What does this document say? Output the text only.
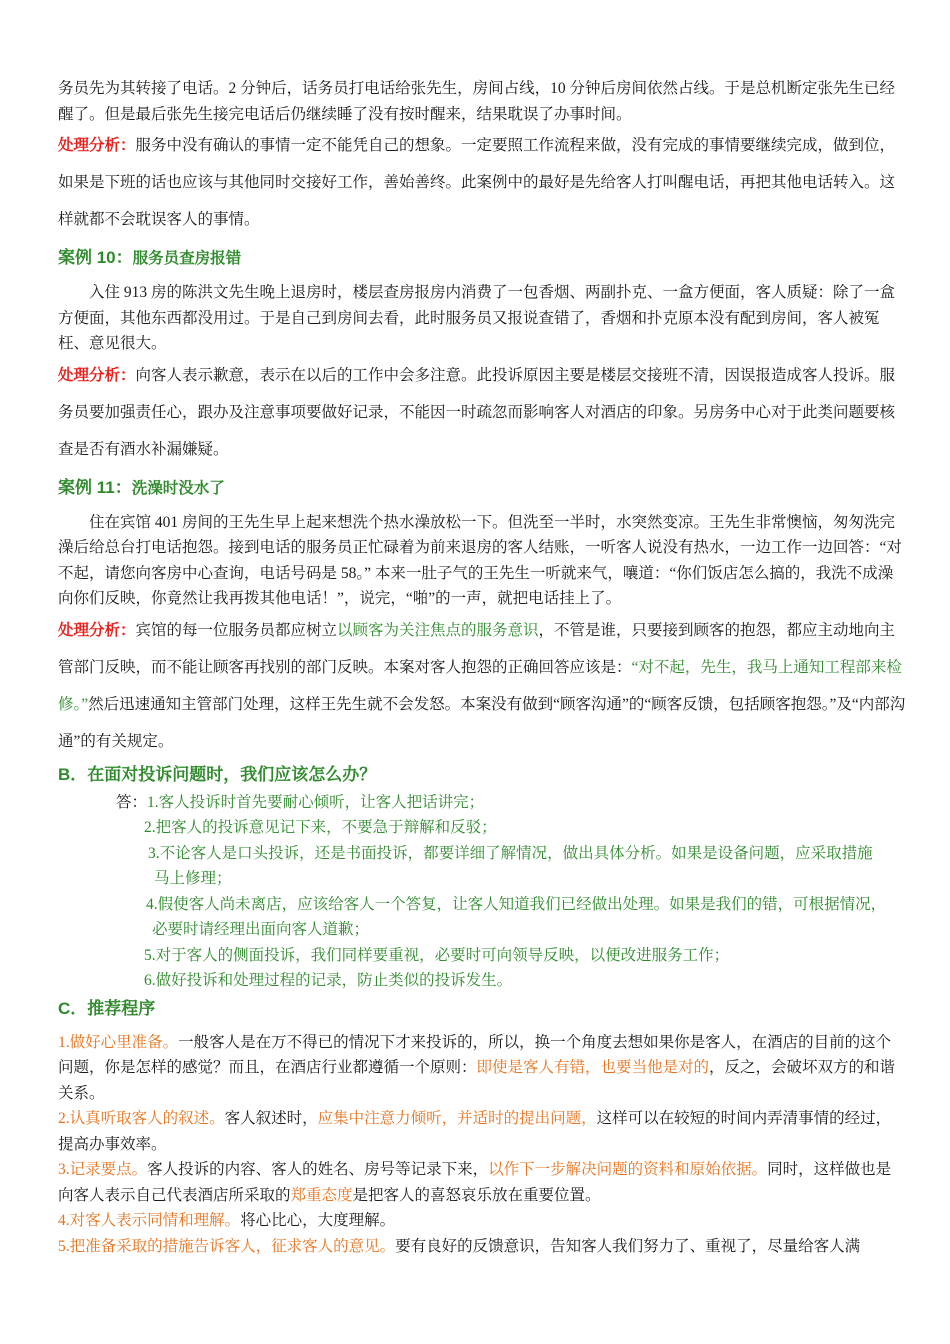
务员先为其转接了电话。2 分钟后，话务员打电话给张先生，房间占线，10 分钟后房间依然占线。于是总机断定张先生已经醒了。但是最后张先生接完电话后仍继续睡了没有按时醒来，结果耽误了办事时间。

处理分析：服务中没有确认的事情一定不能凭自己的想象。一定要照工作流程来做，没有完成的事情要继续完成，做到位，如果是下班的话也应该与其他同时交接好工作，善始善终。此案例中的最好是先给客人打叫醒电话，再把其他电话转入。这样就都不会耽误客人的事情。

案例 10：服务员查房报错

入住 913 房的陈洪文先生晚上退房时，楼层查房报房内消费了一包香烟、两副扑克、一盒方便面，客人质疑：除了一盒方便面，其他东西都没用过。于是自己到房间去看，此时服务员又报说查错了，香烟和扑克原本没有配到房间，客人被冤枉、意见很大。

处理分析：向客人表示歉意，表示在以后的工作中会多注意。此投诉原因主要是楼层交接班不清，因误报造成客人投诉。服务员要加强责任心，跟办及注意事项要做好记录，不能因一时疏忽而影响客人对酒店的印象。另房务中心对于此类问题要核查是否有酒水补漏嫌疑。

案例 11：洗澡时没水了

住在宾馆 401 房间的王先生早上起来想洗个热水澡放松一下。但洗至一半时，水突然变凉。王先生非常懊恼，匆匆洗完澡后给总台打电话抱怨。接到电话的服务员正忙碌着为前来退房的客人结账，一听客人说没有热水，一边工作一边回答：“对不起，请您向客房中心查询，电话号码是 58。” 本来一肚子气的王先生一听就来气，嚷道：“你们饭店怎么搞的，我洗不成澡向你们反映，你竟然让我再拨其他电话！”，说完，“啪”的一声，就把电话挂上了。

处理分析：宾馆的每一位服务员都应树立以顾客为关注焦点的服务意识，不管是谁，只要接到顾客的抱怨，都应主动地向主管部门反映，而不能让顾客再找别的部门反映。本案对客人抱怨的正确回答应该是：“对不起，先生，我马上通知工程部来检修。”然后迅速通知主管部门处理，这样王先生就不会发怒。本案没有做到“顾客沟通”的“顾客反馈，包括顾客抱怨。”及“内部沟通”的有关规定。

B．在面对投诉问题时，我们应该怎么办？

答：1.客人投诉时首先要耐心倾听，让客人把话讲完；

2.把客人的投诉意见记下来，不要急于辩解和反驳；

3.不论客人是口头投诉，还是书面投诉，都要详细了解情况，做出具体分析。如果是设备问题，应采取措施
马上修理；

4.假使客人尚未离店，应该给客人一个答复，让客人知道我们已经做出处理。如果是我们的错，可根据情况，
必要时请经理出面向客人道歉；

5.对于客人的侧面投诉，我们同样要重视，必要时可向领导反映，以便改进服务工作；

6.做好投诉和处理过程的记录，防止类似的投诉发生。

C．推荐程序

1.做好心里准备。一般客人是在万不得已的情况下才来投诉的，所以，换一个角度去想如果你是客人，在酒店的目前的这个问题，你是怎样的感觉？而且，在酒店行业都遵循一个原则：即使是客人有错，也要当他是对的，反之，会破坏双方的和谐关系。

2.认真听取客人的叙述。客人叙述时，应集中注意力倾听，并适时的提出问题，这样可以在较短的时间内弄清事情的经过，提高办事效率。

3.记录要点。客人投诉的内容、客人的姓名、房号等记录下来，以作下一步解决问题的资料和原始依据。同时，这样做也是向客人表示自己代表酒店所采取的郑重态度是把客人的喜怒哀乐放在重要位置。

4.对客人表示同情和理解。将心比心，大度理解。

5.把准备采取的措施告诉客人，征求客人的意见。要有良好的反馈意识，告知客人我们努力了、重视了，尽量给客人满
